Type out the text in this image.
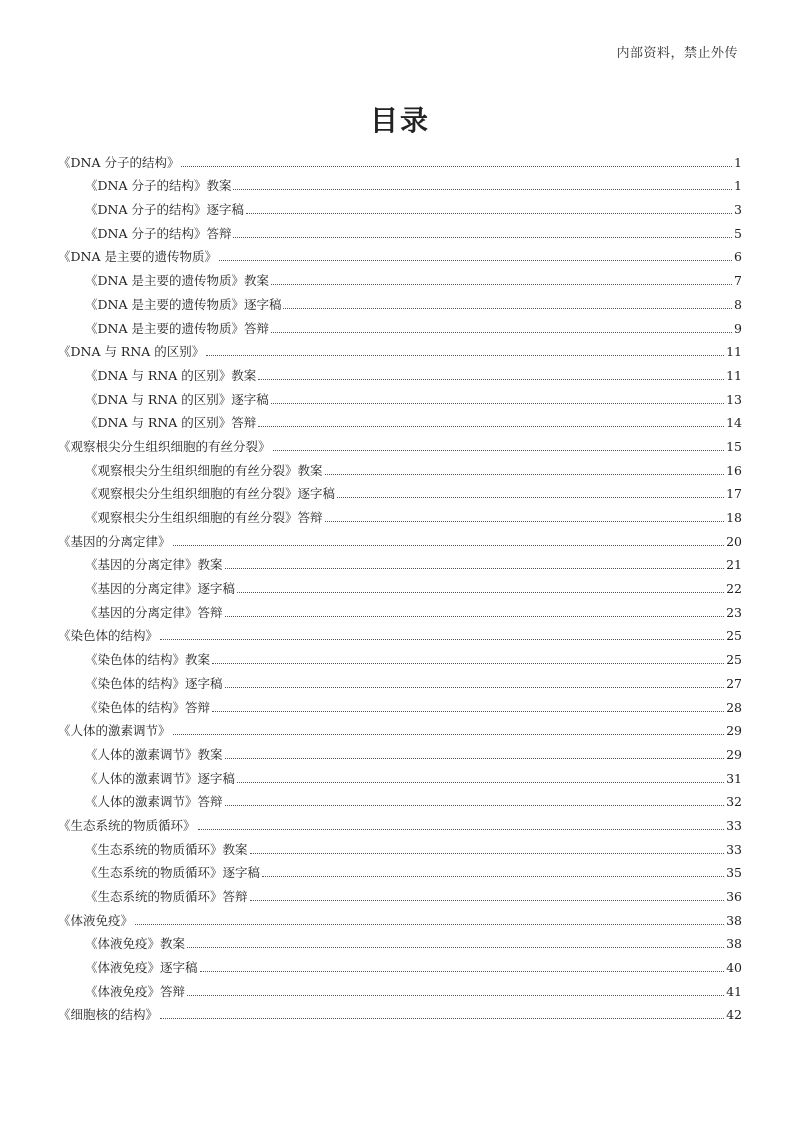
内部资料，禁止外传
目录
《DNA 分子的结构》	1
《DNA 分子的结构》教案	1
《DNA 分子的结构》逐字稿	3
《DNA 分子的结构》答辩	5
《DNA 是主要的遗传物质》	6
《DNA 是主要的遗传物质》教案	7
《DNA 是主要的遗传物质》逐字稿	8
《DNA 是主要的遗传物质》答辩	9
《DNA 与 RNA 的区别》	11
《DNA 与 RNA 的区别》教案	11
《DNA 与 RNA 的区别》逐字稿	13
《DNA 与 RNA 的区别》答辩	14
《观察根尖分生组织细胞的有丝分裂》	15
《观察根尖分生组织细胞的有丝分裂》教案	16
《观察根尖分生组织细胞的有丝分裂》逐字稿	17
《观察根尖分生组织细胞的有丝分裂》答辩	18
《基因的分离定律》	20
《基因的分离定律》教案	21
《基因的分离定律》逐字稿	22
《基因的分离定律》答辩	23
《染色体的结构》	25
《染色体的结构》教案	25
《染色体的结构》逐字稿	27
《染色体的结构》答辩	28
《人体的激素调节》	29
《人体的激素调节》教案	29
《人体的激素调节》逐字稿	31
《人体的激素调节》答辩	32
《生态系统的物质循环》	33
《生态系统的物质循环》教案	33
《生态系统的物质循环》逐字稿	35
《生态系统的物质循环》答辩	36
《体液免疫》	38
《体液免疫》教案	38
《体液免疫》逐字稿	40
《体液免疫》答辩	41
《细胞核的结构》	42
